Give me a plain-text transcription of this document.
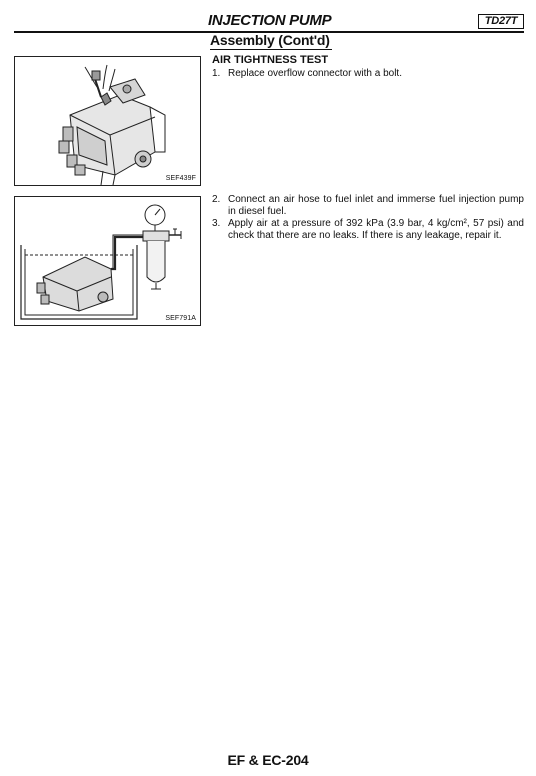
INJECTION PUMP	TD27T
Assembly (Cont'd)
SEF439F
SEF791A
AIR TIGHTNESS TEST
1. Replace overflow connector with a bolt.
2. Connect an air hose to fuel inlet and immerse fuel injection pump in diesel fuel.
3. Apply air at a pressure of 392 kPa (3.9 bar, 4 kg/cm², 57 psi) and check that there are no leaks. If there is any leakage, repair it.
EF & EC-204
